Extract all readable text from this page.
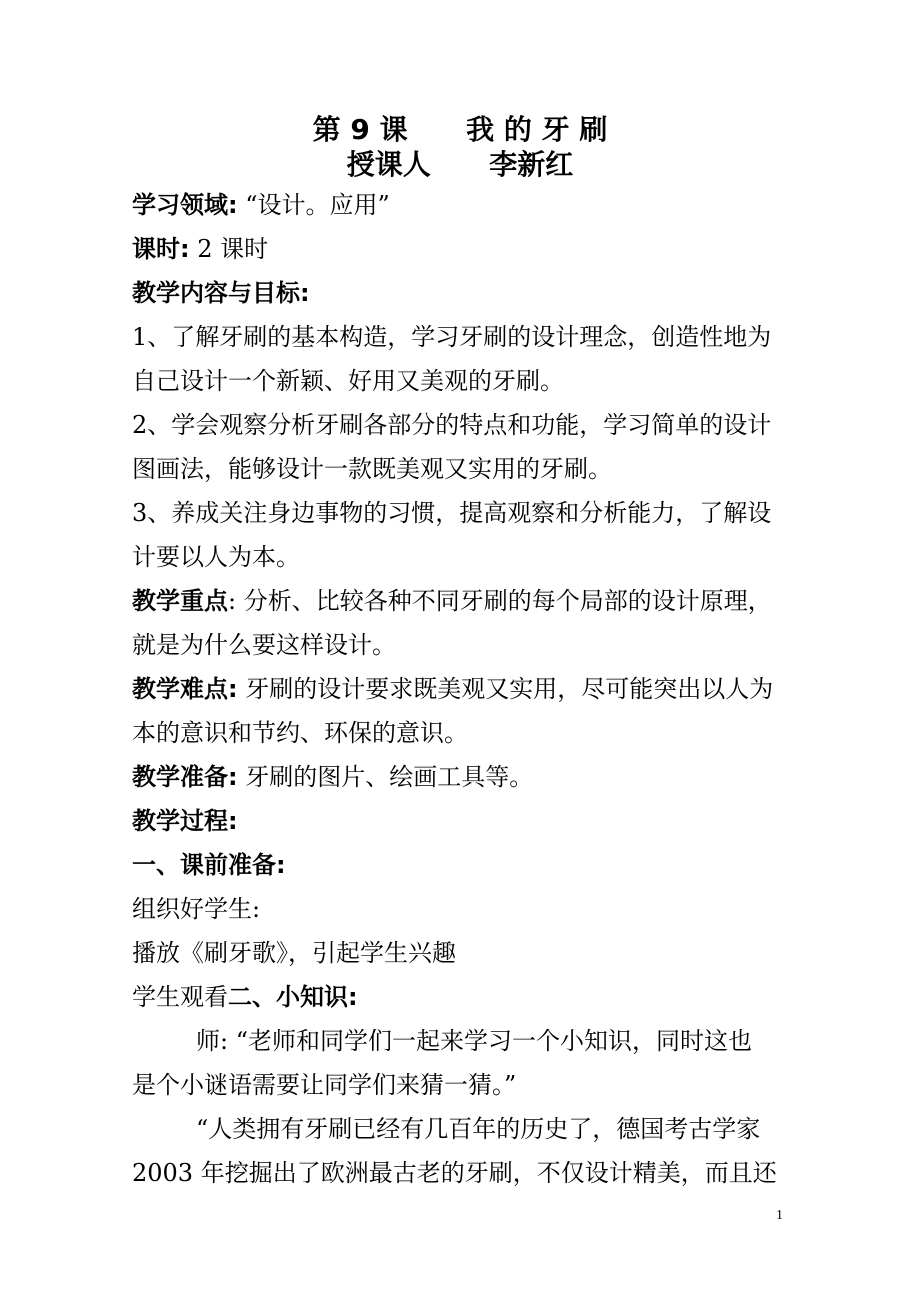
第 9 课      我 的 牙 刷
授课人      李新红
学习领域: “设计。应用”
课时: 2 课时
教学内容与目标:
1、了解牙刷的基本构造，学习牙刷的设计理念，创造性地为
自己设计一个新颖、好用又美观的牙刷。
2、学会观察分析牙刷各部分的特点和功能，学习简单的设计
图画法，能够设计一款既美观又实用的牙刷。
3、养成关注身边事物的习惯，提高观察和分析能力，了解设
计要以人为本。
教学重点: 分析、比较各种不同牙刷的每个局部的设计原理，
就是为什么要这样设计。
教学难点: 牙刷的设计要求既美观又实用，尽可能突出以人为
本的意识和节约、环保的意识。
教学准备: 牙刷的图片、绘画工具等。
教学过程:
一、课前准备:
组织好学生:
播放《刷牙歌》，引起学生兴趣
学生观看二、小知识:
师: “老师和同学们一起来学习一个小知识，同时这也
是个小谜语需要让同学们来猜一猜。”
“人类拥有牙刷已经有几百年的历史了，德国考古学家
2003 年挖掘出了欧洲最古老的牙刷，不仅设计精美，而且还
1
